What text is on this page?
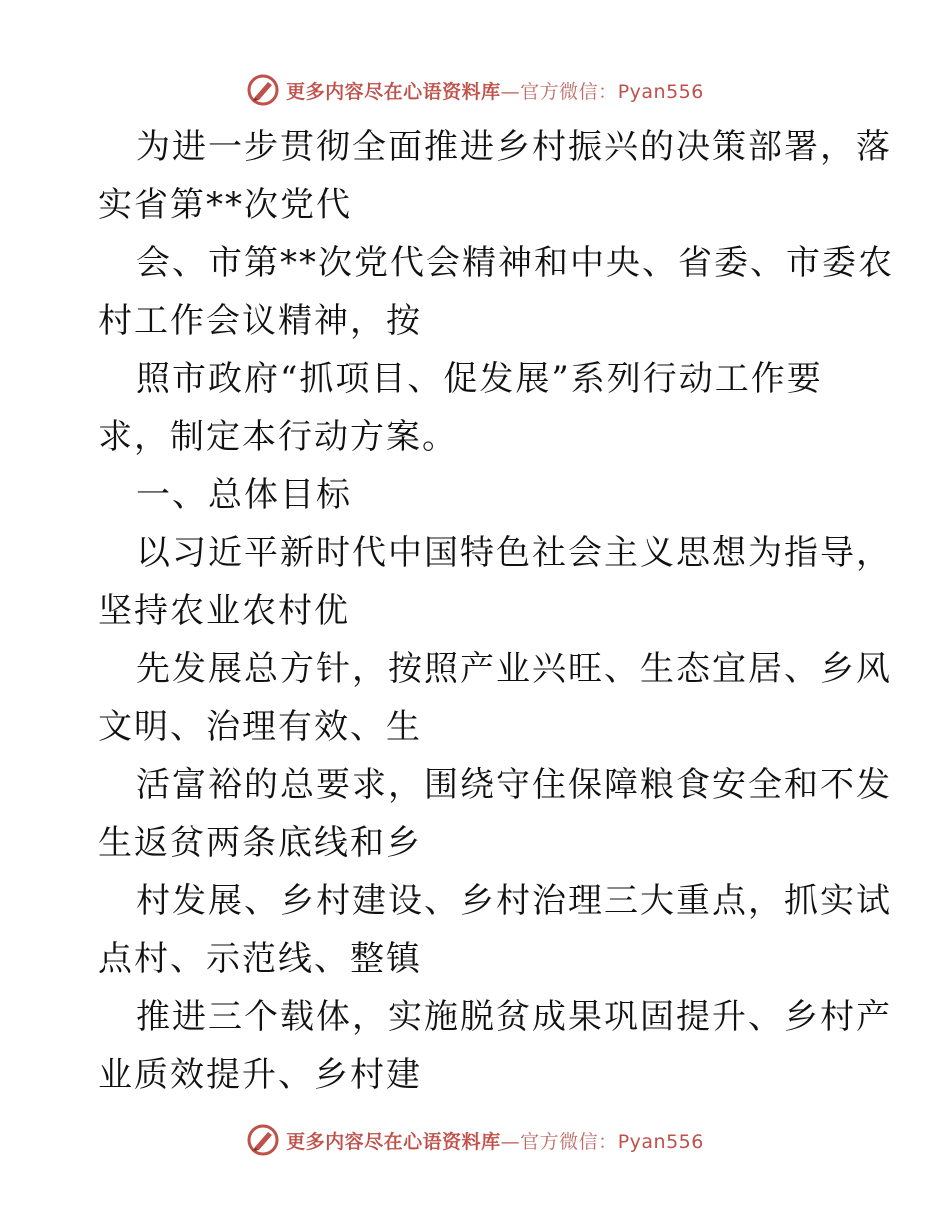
更多内容尽在心语资料库—官方微信：Pyan556
为进一步贯彻全面推进乡村振兴的决策部署，落
实省第**次党代
会、市第**次党代会精神和中央、省委、市委农
村工作会议精神，按
照市政府“抓项目、促发展”系列行动工作要
求，制定本行动方案。
一、总体目标
以习近平新时代中国特色社会主义思想为指导，
坚持农业农村优
先发展总方针，按照产业兴旺、生态宜居、乡风
文明、治理有效、生
活富裕的总要求，围绕守住保障粮食安全和不发
生返贫两条底线和乡
村发展、乡村建设、乡村治理三大重点，抓实试
点村、示范线、整镇
推进三个载体，实施脱贫成果巩固提升、乡村产
业质效提升、乡村建
更多内容尽在心语资料库—官方微信：Pyan556
